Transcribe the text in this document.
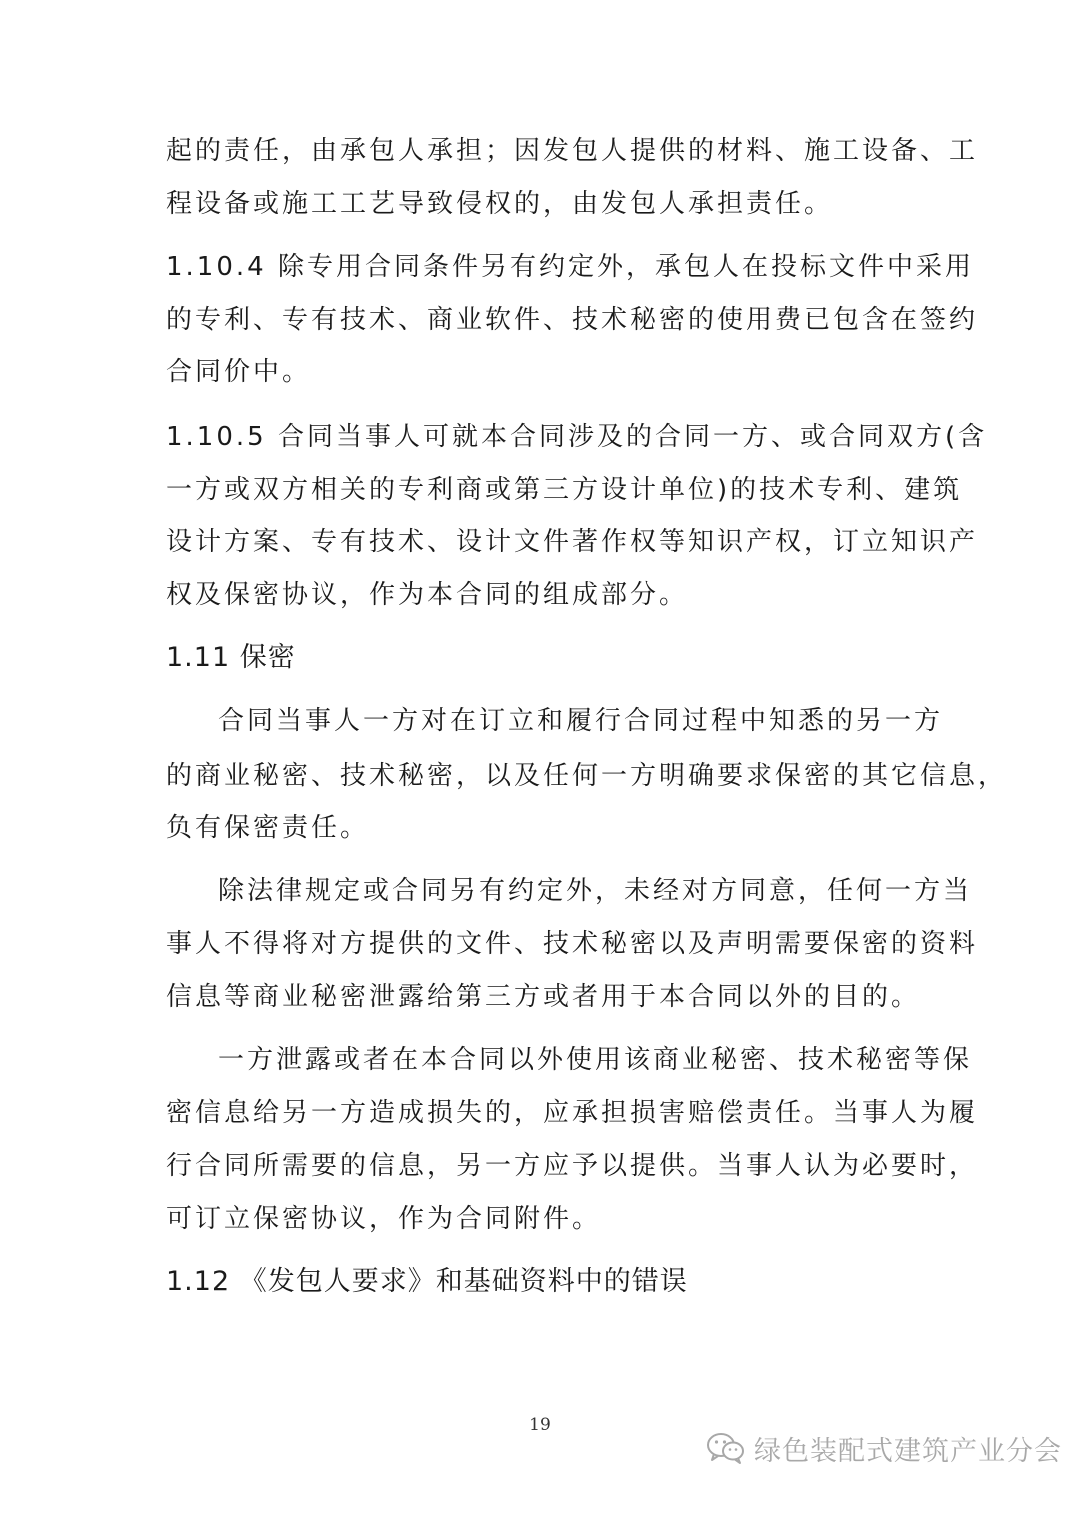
起的责任，由承包人承担；因发包人提供的材料、施工设备、工
程设备或施工工艺导致侵权的，由发包人承担责任。
1.10.4 除专用合同条件另有约定外，承包人在投标文件中采用
的专利、专有技术、商业软件、技术秘密的使用费已包含在签约
合同价中。
1.10.5 合同当事人可就本合同涉及的合同一方、或合同双方(含
一方或双方相关的专利商或第三方设计单位)的技术专利、建筑
设计方案、专有技术、设计文件著作权等知识产权，订立知识产
权及保密协议，作为本合同的组成部分。
1.11 保密
合同当事人一方对在订立和履行合同过程中知悉的另一方
的商业秘密、技术秘密，以及任何一方明确要求保密的其它信息，
负有保密责任。
除法律规定或合同另有约定外，未经对方同意，任何一方当
事人不得将对方提供的文件、技术秘密以及声明需要保密的资料
信息等商业秘密泄露给第三方或者用于本合同以外的目的。
一方泄露或者在本合同以外使用该商业秘密、技术秘密等保
密信息给另一方造成损失的，应承担损害赔偿责任。当事人为履
行合同所需要的信息，另一方应予以提供。当事人认为必要时，
可订立保密协议，作为合同附件。
1.12 《发包人要求》和基础资料中的错误
19
绿色装配式建筑产业分会
